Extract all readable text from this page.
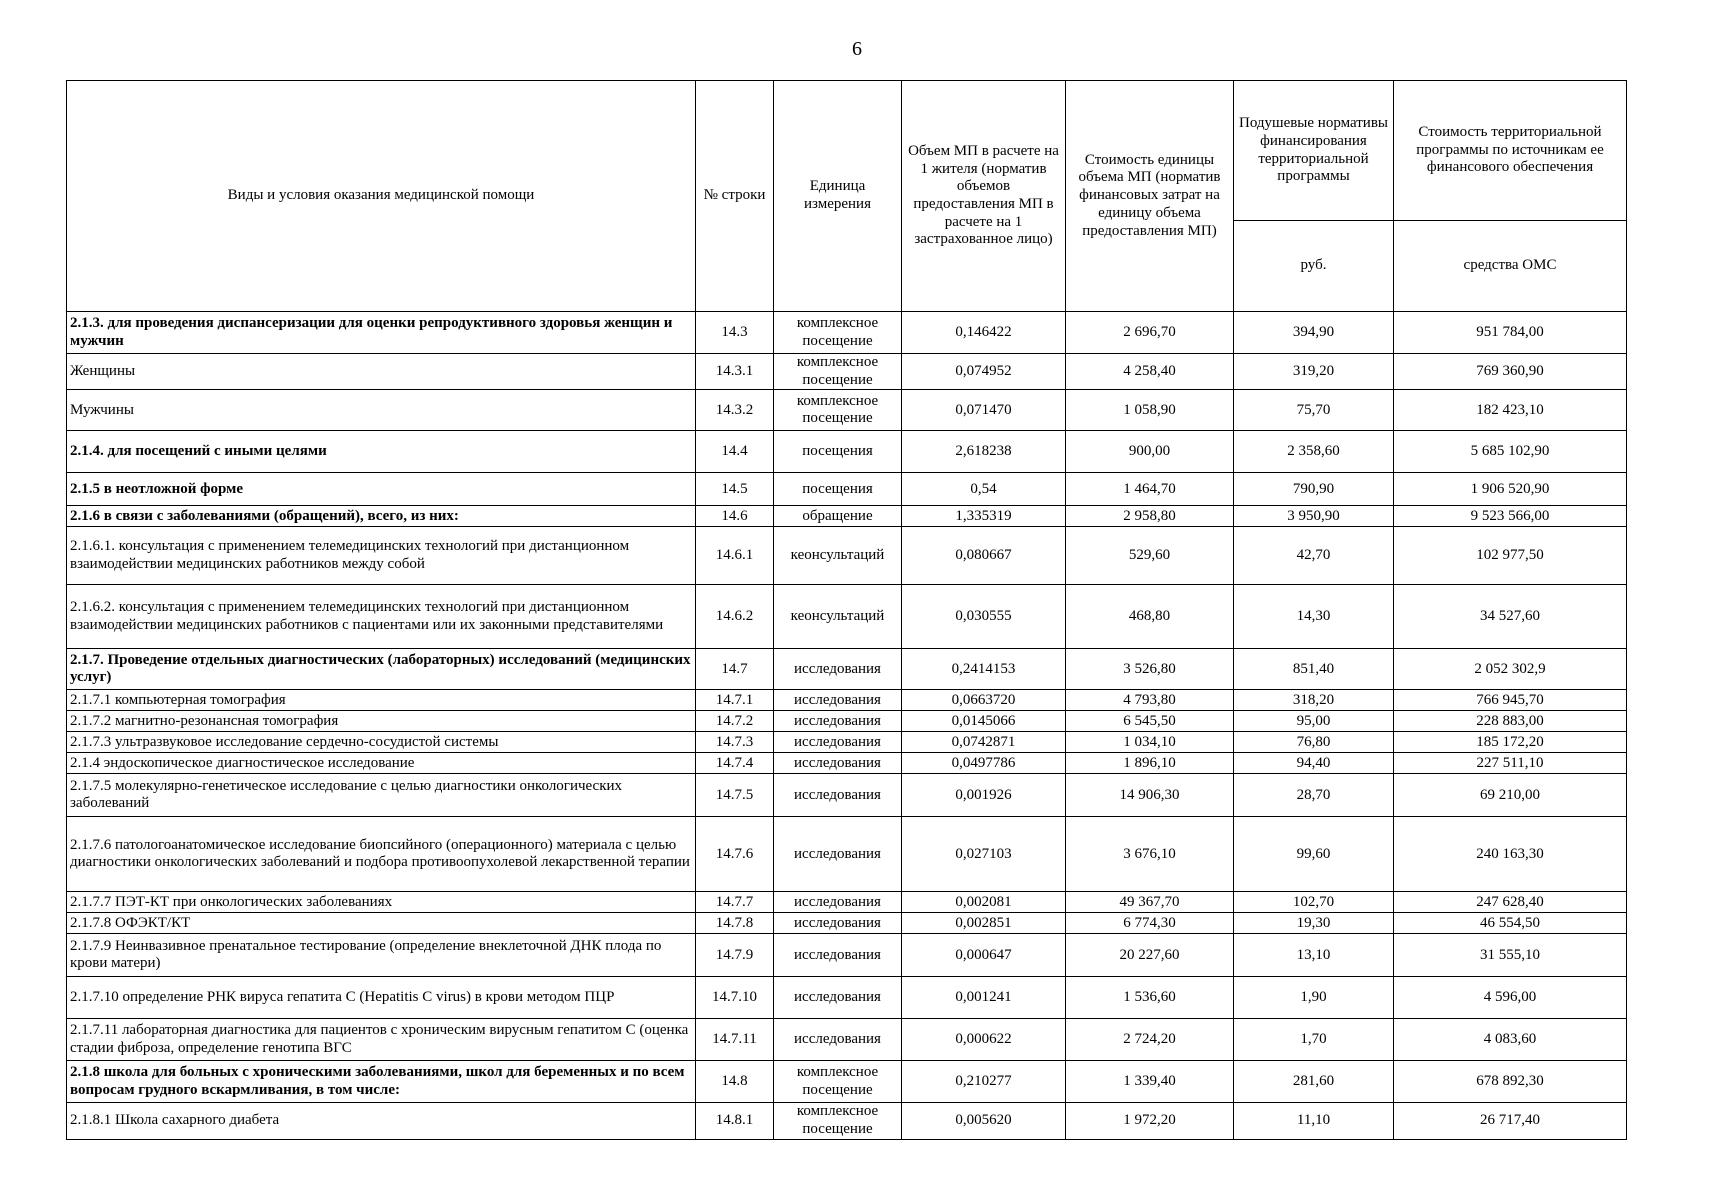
6
Виды и условия оказания медицинской помощи	№ строки	Единица измерения	Объем МП в расчете на 1 жителя (норматив объемов предоставления МП в расчете на 1 застрахованное лицо)	Стоимость единицы объема МП (норматив финансовых затрат на единицу объема предоставления МП)	Подушевые нормативы финансирования территориальной программы	Стоимость территориальной программы по источникам ее финансового обеспечения
					руб.	средства ОМС
2.1.3. для проведения диспансеризации для оценки репродуктивного здоровья женщин и мужчин	14.3	комплексное посещение	0,146422	2 696,70	394,90	951 784,00
Женщины	14.3.1	комплексное посещение	0,074952	4 258,40	319,20	769 360,90
Мужчины	14.3.2	комплексное посещение	0,071470	1 058,90	75,70	182 423,10
2.1.4. для посещений с иными целями	14.4	посещения	2,618238	900,00	2 358,60	5 685 102,90
2.1.5 в неотложной форме	14.5	посещения	0,54	1 464,70	790,90	1 906 520,90
2.1.6 в связи с заболеваниями (обращений), всего, из них:	14.6	обращение	1,335319	2 958,80	3 950,90	9 523 566,00
2.1.6.1. консультация с применением телемедицинских технологий при дистанционном взаимодействии медицинских работников между собой	14.6.1	кеонсультаций	0,080667	529,60	42,70	102 977,50
2.1.6.2. консультация с применением телемедицинских технологий при дистанционном взаимодействии медицинских работников с пациентами или их законными представителями	14.6.2	кеонсультаций	0,030555	468,80	14,30	34 527,60
2.1.7. Проведение отдельных диагностических (лабораторных) исследований (медицинских услуг)	14.7	исследования	0,2414153	3 526,80	851,40	2 052 302,9
2.1.7.1 компьютерная томография	14.7.1	исследования	0,0663720	4 793,80	318,20	766 945,70
2.1.7.2 магнитно-резонансная томография	14.7.2	исследования	0,0145066	6 545,50	95,00	228 883,00
2.1.7.3 ультразвуковое исследование сердечно-сосудистой системы	14.7.3	исследования	0,0742871	1 034,10	76,80	185 172,20
2.1.4 эндоскопическое диагностическое исследование	14.7.4	исследования	0,0497786	1 896,10	94,40	227 511,10
2.1.7.5 молекулярно-генетическое исследование с целью диагностики онкологических заболеваний	14.7.5	исследования	0,001926	14 906,30	28,70	69 210,00
2.1.7.6 патологоанатомическое исследование биопсийного (операционного) материала с целью диагностики онкологических заболеваний и подбора противоопухолевой лекарственной терапии	14.7.6	исследования	0,027103	3 676,10	99,60	240 163,30
2.1.7.7 ПЭТ-КТ при онкологических заболеваниях	14.7.7	исследования	0,002081	49 367,70	102,70	247 628,40
2.1.7.8 ОФЭКТ/КТ	14.7.8	исследования	0,002851	6 774,30	19,30	46 554,50
2.1.7.9 Неинвазивное пренатальное тестирование (определение внеклеточной ДНК плода по крови матери)	14.7.9	исследования	0,000647	20 227,60	13,10	31 555,10
2.1.7.10 определение РНК вируса гепатита С (Hepatitis C virus) в крови методом ПЦР	14.7.10	исследования	0,001241	1 536,60	1,90	4 596,00
2.1.7.11 лабораторная диагностика для пациентов с хроническим вирусным гепатитом С (оценка стадии фиброза, определение генотипа ВГС	14.7.11	исследования	0,000622	2 724,20	1,70	4 083,60
2.1.8 школа для больных с хроническими заболеваниями, школ для беременных и по всем вопросам грудного вскармливания, в том числе:	14.8	комплексное посещение	0,210277	1 339,40	281,60	678 892,30
2.1.8.1 Школа сахарного диабета	14.8.1	комплексное посещение	0,005620	1 972,20	11,10	26 717,40
